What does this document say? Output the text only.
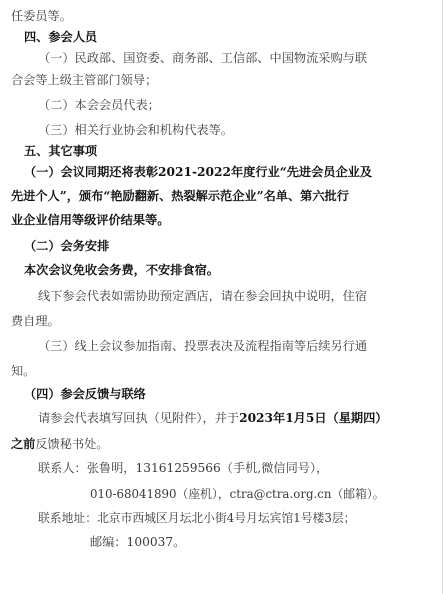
任委员等。
四、参会人员
（一）民政部、国资委、商务部、工信部、中国物流采购与联
合会等上级主管部门领导；
（二）本会会员代表；
（三）相关行业协会和机构代表等。
五、其它事项
（一）会议同期还将表彰2021-2022年度行业“先进会员企业及
先进个人”，颁布“艳励翻新、热裂解示范企业”名单、第六批行
业企业信用等级评价结果等。
（二）会务安排
本次会议免收会务费，不安排食宿。
线下参会代表如需协助预定酒店，请在参会回执中说明，住宿
费自理。
（三）线上会议参加指南、投票表决及流程指南等后续另行通
知。
（四）参会反馈与联络
请参会代表填写回执（见附件），并于2023年1月5日（星期四）
之前反馈秘书处。
联系人：张鲁明，13161259566（手机,微信同号），
010-68041890（座机），ctra@ctra.org.cn（邮箱）。
联系地址：北京市西城区月坛北小街4号月坛宾馆1号楼3层；
邮编：100037。
